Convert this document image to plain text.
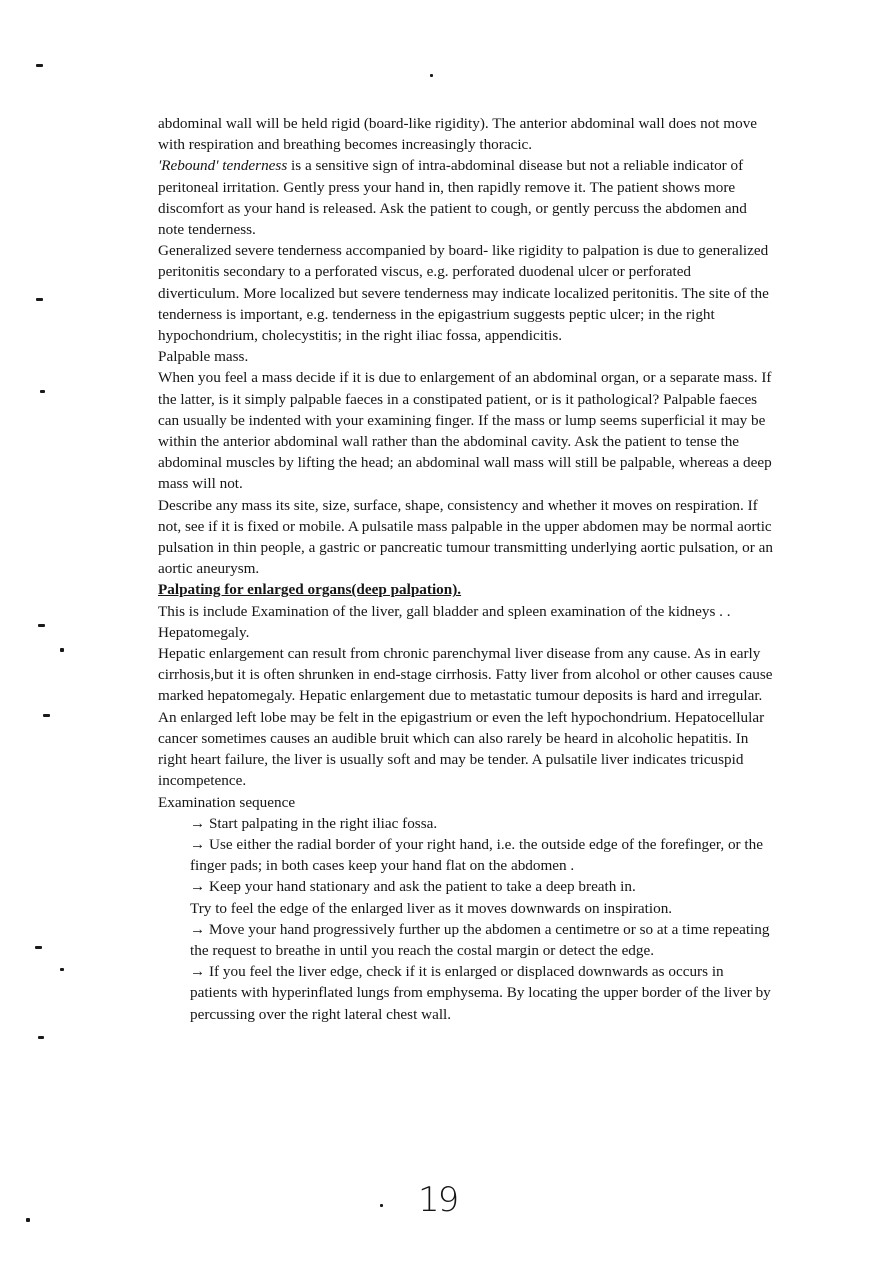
abdominal wall will be held rigid (board-like rigidity). The anterior abdominal wall does not move with respiration and breathing becomes increasingly thoracic.

'Rebound' tenderness is a sensitive sign of intra-abdominal disease but not a reliable indicator of peritoneal irritation. Gently press your hand in, then rapidly remove it. The patient shows more discomfort as your hand is released. Ask the patient to cough, or gently percuss the abdomen and note tenderness.

Generalized severe tenderness accompanied by board- like rigidity to palpation is due to generalized peritonitis secondary to a perforated viscus, e.g. perforated duodenal ulcer or perforated diverticulum. More localized but severe tenderness may indicate localized peritonitis. The site of the tenderness is important, e.g. tenderness in the epigastrium suggests peptic ulcer; in the right hypochondrium, cholecystitis; in the right iliac fossa, appendicitis.

Palpable mass.

When you feel a mass decide if it is due to enlargement of an abdominal organ, or a separate mass. If the latter, is it simply palpable faeces in a constipated patient, or is it pathological? Palpable faeces can usually be indented with your examining finger. If the mass or lump seems superficial it may be within the anterior abdominal wall rather than the abdominal cavity. Ask the patient to tense the abdominal muscles by lifting the head; an abdominal wall mass will still be palpable, whereas a deep mass will not.

Describe any mass its site, size, surface, shape, consistency and whether it moves on respiration. If not, see if it is fixed or mobile. A pulsatile mass palpable in the upper abdomen may be normal aortic pulsation in thin people, a gastric or pancreatic tumour transmitting underlying aortic pulsation, or an aortic aneurysm.

Palpating for enlarged organs(deep palpation).

This is include Examination of the liver, gall bladder and spleen examination of the kidneys . .

Hepatomegaly.

Hepatic enlargement can result from chronic parenchymal liver disease from any cause. As in early cirrhosis,but it is often shrunken in end-stage cirrhosis. Fatty liver from alcohol or other causes cause marked hepatomegaly. Hepatic enlargement due to metastatic tumour deposits is hard and irregular. An enlarged left lobe may be felt in the epigastrium or even the left hypochondrium. Hepatocellular cancer sometimes causes an audible bruit which can also rarely be heard in alcoholic hepatitis. In right heart failure, the liver is usually soft and may be tender. A pulsatile liver indicates tricuspid incompetence.

Examination sequence

→ Start palpating in the right iliac fossa.

→ Use either the radial border of your right hand, i.e. the outside edge of the forefinger, or the finger pads; in both cases keep your hand flat on the abdomen .

→ Keep your hand stationary and ask the patient to take a deep breath in.

Try to feel the edge of the enlarged liver as it moves downwards on inspiration.

→ Move your hand progressively further up the abdomen a centimetre or so at a time repeating the request to breathe in until you reach the costal margin or detect the edge.

→ If you feel the liver edge, check if it is enlarged or displaced downwards as occurs in patients with hyperinflated lungs from emphysema. By locating the upper border of the liver by percussing over the right lateral chest wall.

19
